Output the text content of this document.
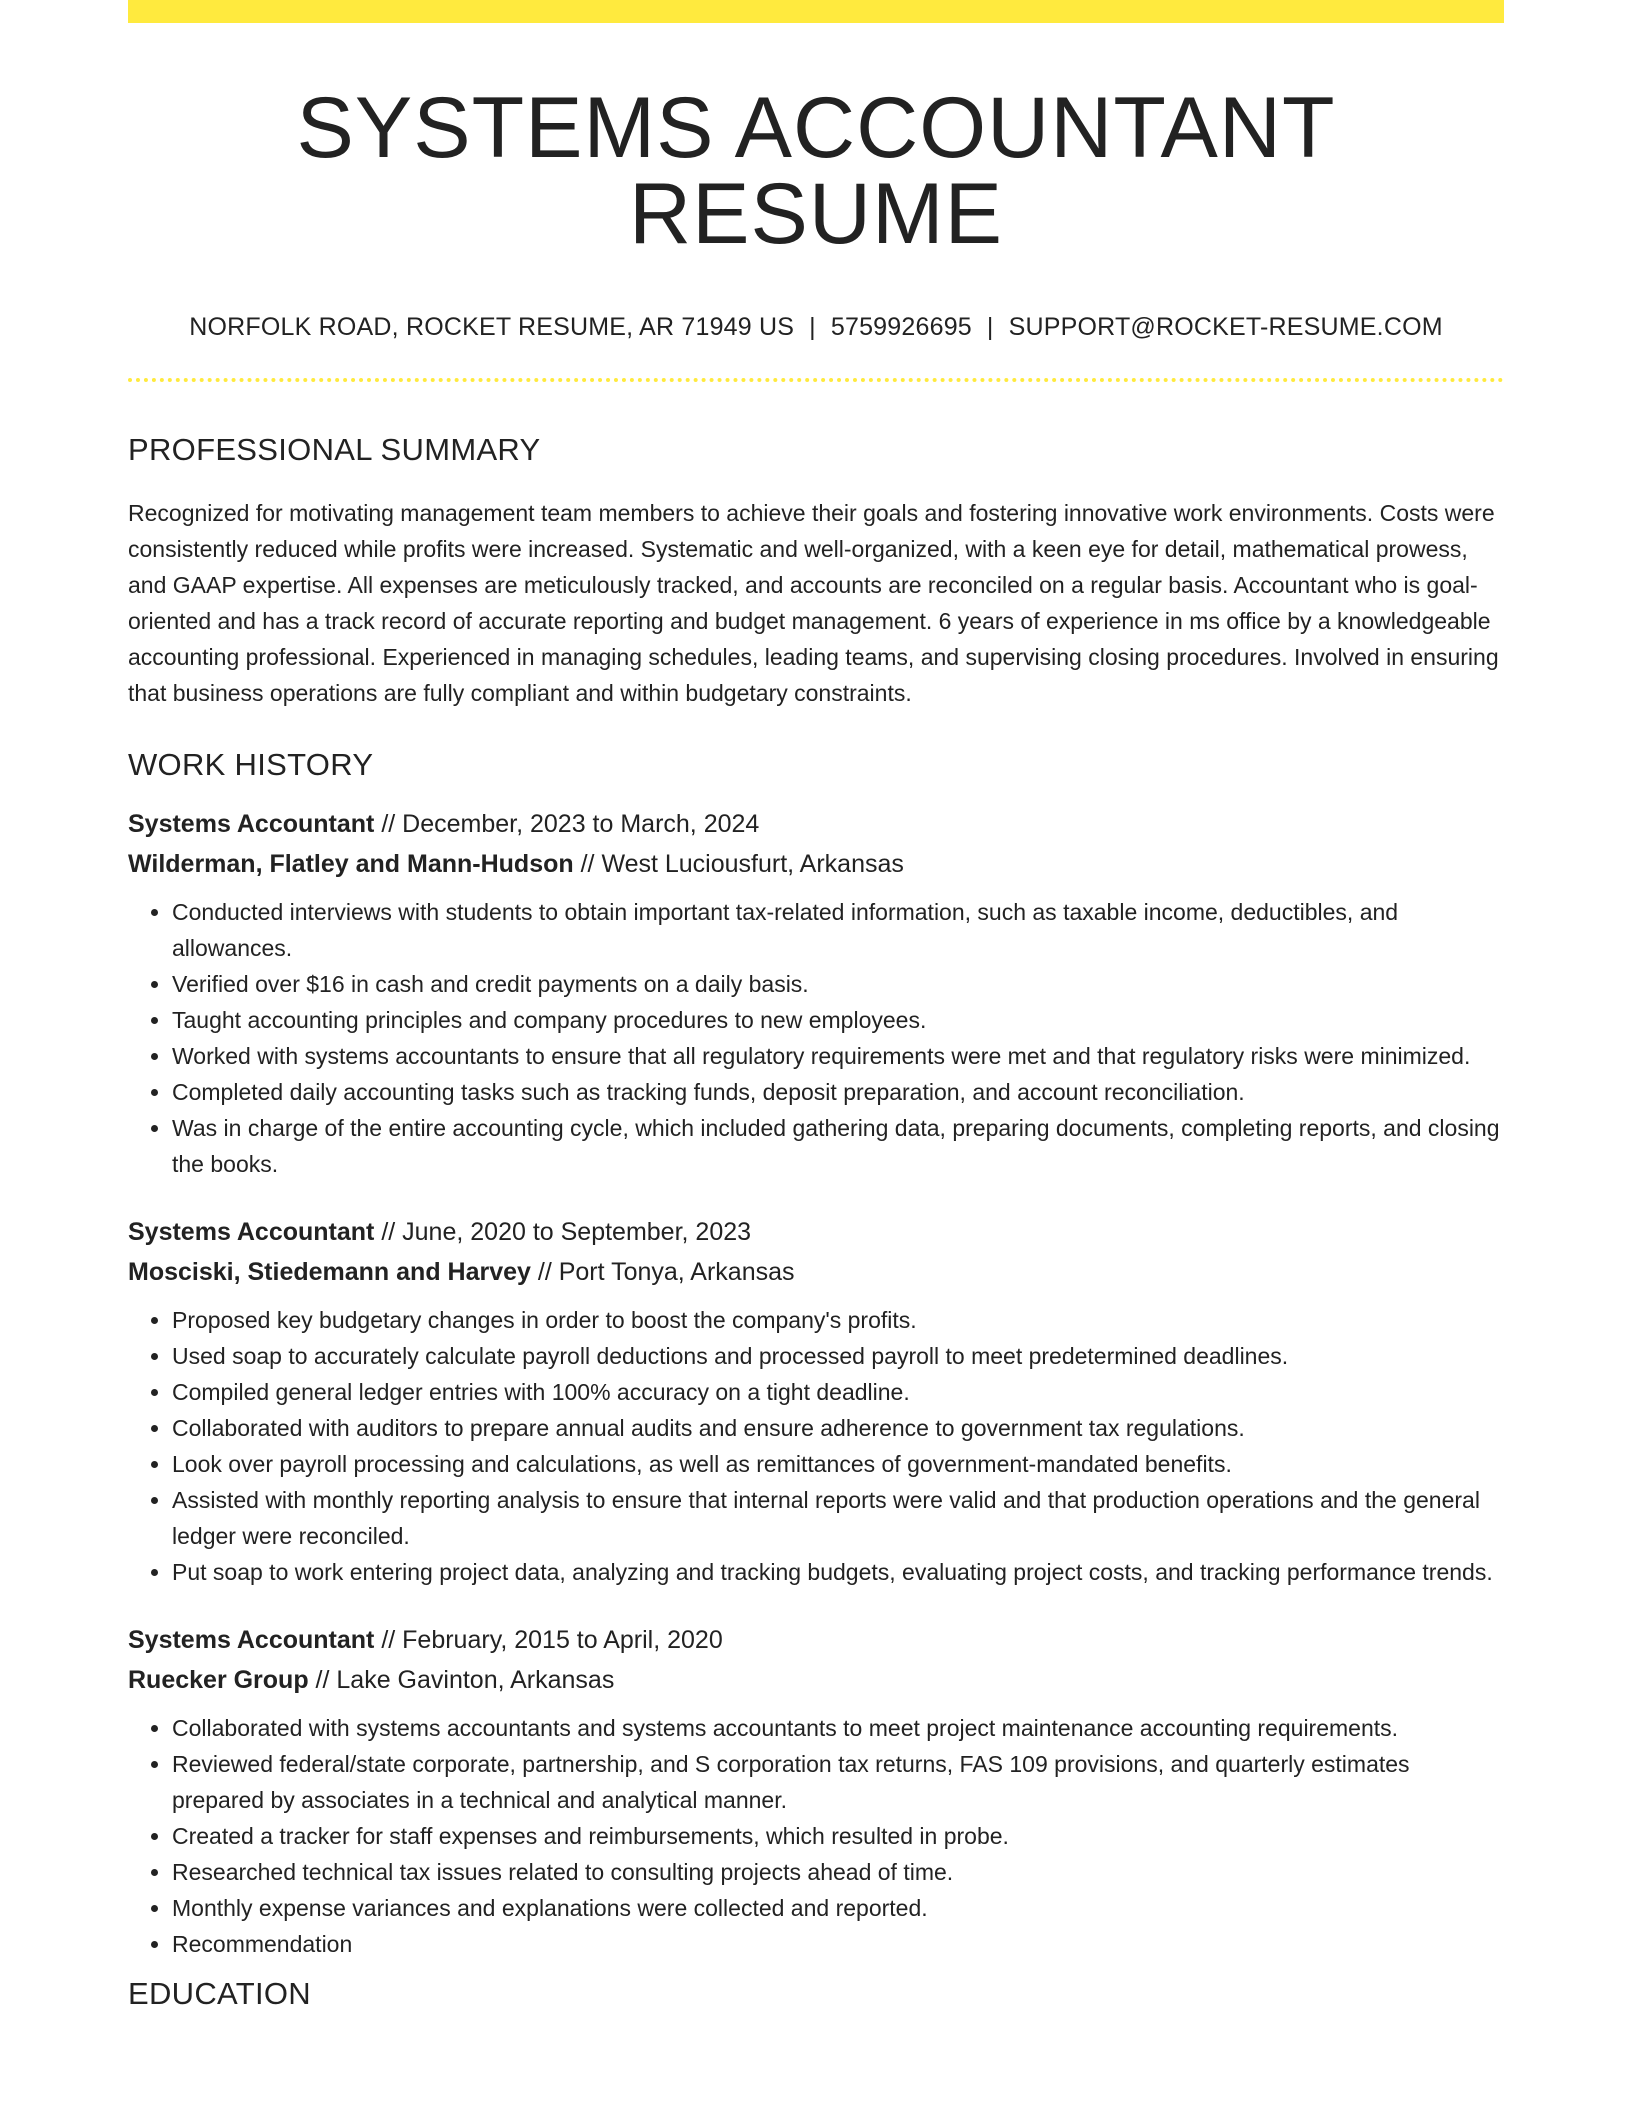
SYSTEMS ACCOUNTANT RESUME
NORFOLK ROAD, ROCKET RESUME, AR 71949 US | 5759926695 | SUPPORT@ROCKET-RESUME.COM
PROFESSIONAL SUMMARY

Recognized for motivating management team members to achieve their goals and fostering innovative work environments. Costs were consistently reduced while profits were increased. Systematic and well-organized, with a keen eye for detail, mathematical prowess, and GAAP expertise. All expenses are meticulously tracked, and accounts are reconciled on a regular basis. Accountant who is goal-oriented and has a track record of accurate reporting and budget management. 6 years of experience in ms office by a knowledgeable accounting professional. Experienced in managing schedules, leading teams, and supervising closing procedures. Involved in ensuring that business operations are fully compliant and within budgetary constraints.

WORK HISTORY
Systems Accountant // December, 2023 to March, 2024
Wilderman, Flatley and Mann-Hudson // West Luciousfurt, Arkansas
• Conducted interviews with students to obtain important tax-related information, such as taxable income, deductibles, and allowances.
• Verified over $16 in cash and credit payments on a daily basis.
• Taught accounting principles and company procedures to new employees.
• Worked with systems accountants to ensure that all regulatory requirements were met and that regulatory risks were minimized.
• Completed daily accounting tasks such as tracking funds, deposit preparation, and account reconciliation.
• Was in charge of the entire accounting cycle, which included gathering data, preparing documents, completing reports, and closing the books.
Systems Accountant // June, 2020 to September, 2023
Mosciski, Stiedemann and Harvey // Port Tonya, Arkansas
• Proposed key budgetary changes in order to boost the company's profits.
• Used soap to accurately calculate payroll deductions and processed payroll to meet predetermined deadlines.
• Compiled general ledger entries with 100% accuracy on a tight deadline.
• Collaborated with auditors to prepare annual audits and ensure adherence to government tax regulations.
• Look over payroll processing and calculations, as well as remittances of government-mandated benefits.
• Assisted with monthly reporting analysis to ensure that internal reports were valid and that production operations and the general ledger were reconciled.
• Put soap to work entering project data, analyzing and tracking budgets, evaluating project costs, and tracking performance trends.
Systems Accountant // February, 2015 to April, 2020
Ruecker Group // Lake Gavinton, Arkansas
• Collaborated with systems accountants and systems accountants to meet project maintenance accounting requirements.
• Reviewed federal/state corporate, partnership, and S corporation tax returns, FAS 109 provisions, and quarterly estimates prepared by associates in a technical and analytical manner.
• Created a tracker for staff expenses and reimbursements, which resulted in probe.
• Researched technical tax issues related to consulting projects ahead of time.
• Monthly expense variances and explanations were collected and reported.
• Recommendation
EDUCATION
